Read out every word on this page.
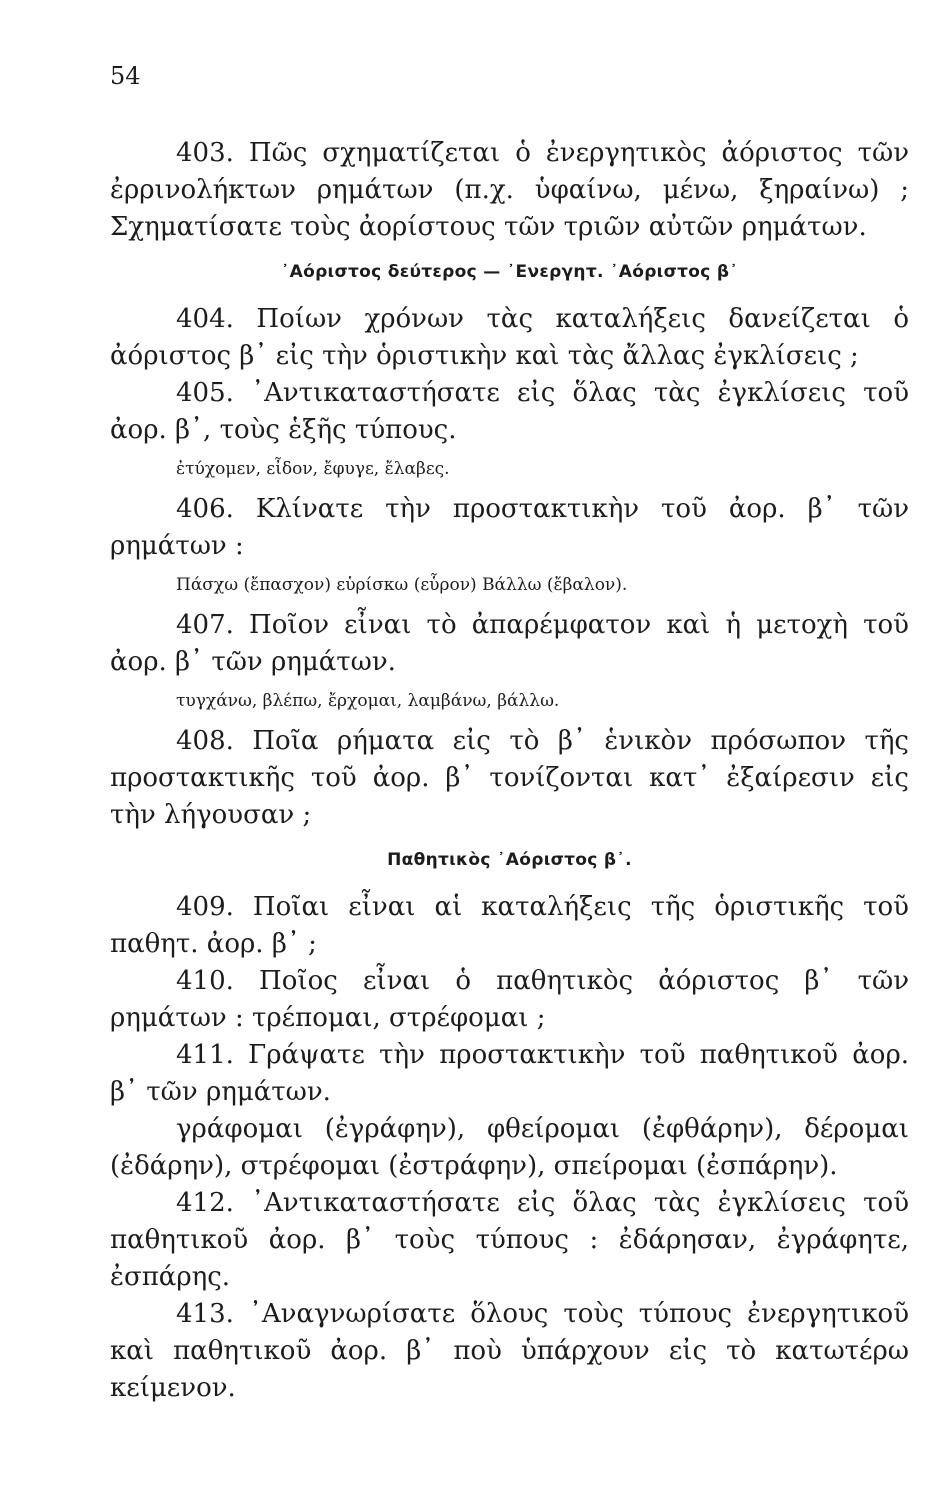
54

403. Πῶς σχηματίζεται ὁ ἐνεργητικὸς ἀόριστος τῶν ἐρρινολήκτων ρημάτων (π.χ. ὑφαίνω, μένω, ξηραίνω) ; Σχηματίσατε τοὺς ἀορίστους τῶν τριῶν αὐτῶν ρημάτων.

᾽Αόριστος δεύτερος — ᾽Ενεργητ. ᾽Αόριστος β᾽

404. Ποίων χρόνων τὰς καταλήξεις δανείζεται ὁ ἀόριστος β᾽ εἰς τὴν ὁριστικὴν καὶ τὰς ἄλλας ἐγκλίσεις ;

405. ᾽Αντικαταστήσατε εἰς ὅλας τὰς ἐγκλίσεις τοῦ ἀορ. β᾽, τοὺς ἑξῆς τύπους.

ἐτύχομεν, εἶδον, ἔφυγε, ἔλαβες.

406. Κλίνατε τὴν προστακτικὴν τοῦ ἀορ. β᾽ τῶν ρημάτων :

Πάσχω (ἔπασχον) εὑρίσκω (εὗρον) Βάλλω (ἔβαλον).

407. Ποῖον εἶναι τὸ ἀπαρέμφατον καὶ ἡ μετοχὴ τοῦ ἀορ. β᾽ τῶν ρημάτων.

τυγχάνω, βλέπω, ἔρχομαι, λαμβάνω, βάλλω.

408. Ποῖα ρήματα εἰς τὸ β᾽ ἑνικὸν πρόσωπον τῆς προστακτικῆς τοῦ ἀορ. β᾽ τονίζονται κατ᾽ ἐξαίρεσιν εἰς τὴν λήγουσαν ;

Παθητικὸς ᾽Αόριστος β᾽.

409. Ποῖαι εἶναι αἱ καταλήξεις τῆς ὁριστικῆς τοῦ παθητ. ἀορ. β᾽ ;

410. Ποῖος εἶναι ὁ παθητικὸς ἀόριστος β᾽ τῶν ρημάτων : τρέπομαι, στρέφομαι ;

411. Γράψατε τὴν προστακτικὴν τοῦ παθητικοῦ ἀορ. β᾽ τῶν ρημάτων.

γράφομαι (ἐγράφην), φθείρομαι (ἐφθάρην), δέρομαι (ἐδάρην), στρέφομαι (ἐστράφην), σπείρομαι (ἐσπάρην).

412. ᾽Αντικαταστήσατε εἰς ὅλας τὰς ἐγκλίσεις τοῦ παθητικοῦ ἀορ. β᾽ τοὺς τύπους : ἐδάρησαν, ἐγράφητε, ἐσπάρης.

413. ᾽Αναγνωρίσατε ὅλους τοὺς τύπους ἐνεργητικοῦ καὶ παθητικοῦ ἀορ. β᾽ ποὺ ὑπάρχουν εἰς τὸ κατωτέρω κείμενον.
